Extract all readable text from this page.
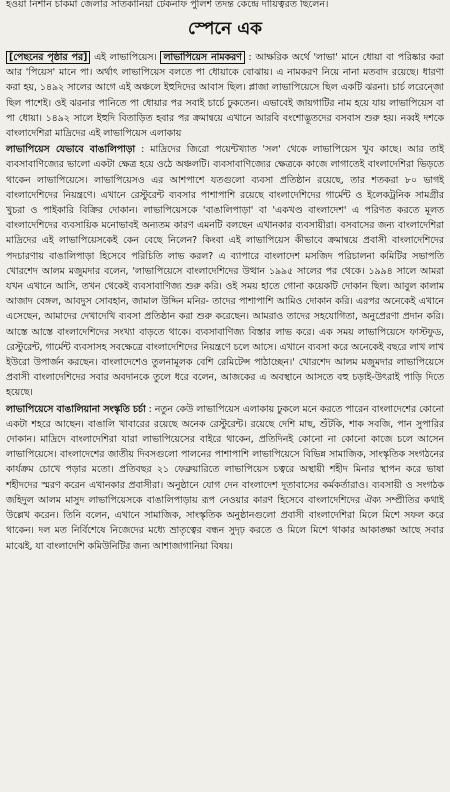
হওয়া নিশান চাকমা জেলার সাতকানিয়া টেকনাফ পুলিশ তদন্ত কেন্দ্রে দায়িত্বরত ছিলেন।
স্পেনে এক

[পেছনের পৃষ্ঠার পর] এই লাভাপিয়েস। লাভাপিয়েস নামকরণ : আক্ষরিক অর্থে 'লাভা' মানে ধোয়া বা পরিষ্কার করা আর 'পিয়েস' মানে পা। অর্থাৎ লাভাপিয়েস বলতে পা ধোয়াকে বোঝায়। এ নামকরণ নিয়ে নানা মতবাদ রয়েছে। ধারণা করা হয়, ১৪৯২ সালের আগে এই অঞ্চলে ইহুদিদের আবাস ছিল। প্লাজা লাভাপিয়েসে ছিল একটি ঝরনা। চার্চ লরেন্জো ছিল পাশেই। ওই ঝরনার পানিতে পা ধোয়ার পর সবাই চার্চে ঢুকতেন। এভাবেই জায়গাটির নাম হয়ে যায় লাভাপিয়েস বা পা ধোয়া। ১৪৯২ সালে ইহুদি বিতাড়িত হবার পর ক্রমান্বয়ে এখানে আরবি বংশোদ্ভূতদের বসবাস শুরু হয়। নব্বই দশকে বাংলাদেশিরা মাদ্রিদের এই লাভাপিয়েস এলাকায়

লাভাপিয়েস যেভাবে বাঙালিপাড়া : মাদ্রিদের জিরো পয়েন্টখ্যাত 'সল' থেকে লাভাপিয়েস খুব কাছে। আর তাই ব্যবসাবাণিজ্যের ভালো একটা ক্ষেত্র হয়ে ওঠে অঞ্চলটি। ব্যবসাবাণিজ্যের ক্ষেত্রকে কাজে লাগাতেই বাংলাদেশিরা ভিড়তে থাকেন লাভাপিয়েসে। লাভাপিয়েসও এর আশপাশে যতগুলো ব্যবসা প্রতিষ্ঠান রয়েছে, তার শতকরা ৮০ ভাগই বাংলাদেশিদের নিয়ন্ত্রণে। এখানে রেস্টুরেন্ট ব্যবসার পাশাপাশি রয়েছে বাংলাদেশিদের গার্মেন্ট ও ইলেকট্রনিক সামগ্রীর খুচরা ও পাইকারি বিক্রির দোকান। লাভাপিয়েসকে 'বাঙালিপাড়া' বা 'একখণ্ড বাংলাদেশ' এ পরিণত করতে মূলত বাংলাদেশিদের ব্যবসায়িক মনোভাবই অন্যতম কারণ এমনটি বলছেন এখানকার ব্যবসায়ীরা। বসবাসের জন্য বাংলাদেশিরা মাদ্রিদের এই লাভাপিয়েসকেই কেন বেছে নিলেন? কিংবা এই লাভাপিয়েস কীভাবে ক্রমান্বয়ে প্রবাসী বাংলাদেশিদের পদচারণায় বাঙালিপাড়া হিসেবে পরিচিতি লাভ করল? এ ব্যাপারে বাংলাদেশ মসজিদ পরিচালনা কমিটির সভাপতি খোরশেদ আলম মজুমদার বলেন, 'লাভাপিয়েসে বাংলাদেশিদের উত্থান ১৯৯৫ সালের পর থেকে। ১৯৯৪ সালে আমরা যখন এখানে আসি, তখন থেকেই ব্যবসাবাণিজ্য শুরু করি। ওই সময় হাতে গোনা কয়েকটি দোকান ছিল। আবুল কালাম আজাদ বেঙ্গল, আবদুস সোবহান, জামাল উদ্দিন মনির- তাদের পাশাপাশি আমিও দোকান করি। এরপর অনেকেই এখানে এসেছেন, আমাদের দেখাদেখি ব্যবসা প্রতিষ্ঠান করা শুরু করেছেন। আমরাও তাদের সহযোগিতা, অনুপ্রেরণা প্রদান করি। আস্তে আস্তে বাংলাদেশিদের সংখ্যা বাড়তে থাকে। ব্যবসাবাণিজ্য বিস্তার লাভ করে। এক সময় লাভাপিয়েসে ফাস্টফুড, রেস্টুরেন্ট, গার্মেন্ট ব্যবসাসহ সবক্ষেত্রে বাংলাদেশিদের নিয়ন্ত্রণে চলে আসে। এখানে ব্যবসা করে অনেকেই বছরে লাখ লাখ ইউরো উপার্জন করছেন। বাংলাদেশেও তুলনামূলক বেশি রেমিটেন্স পাঠাচ্ছেন।' খোরশেদ আলম মজুমদার লাভাপিয়েসে প্রবাসী বাংলাদেশিদের সবার অবদানকে তুলে ধরে বলেন, আজকের এ অবস্থানে আসতে বহু চড়াই-উৎরাই পাড়ি দিতে হয়েছে।

লাভাপিয়েসে বাঙালিয়ানা সংস্কৃতি চর্চা : নতুন কেউ লাভাপিয়েস এলাকায় ঢুকলে মনে করতে পারেন বাংলাদেশের কোনো একটা শহরে আছেন। বাঙালি খাবারের রয়েছে অনেক রেস্টুরেন্ট। রয়েছে দেশি মাছ, শুঁটকি, শাক সবজি, পান সুপারির দোকান। মাদ্রিদে বাংলাদেশিরা যারা লাভাপিয়েসের বাইরে থাকেন, প্রতিদিনই কোনো না কোনো কাজে চলে আসেন লাভাপিয়েসে। বাংলাদেশের জাতীয় দিবসগুলো পালনের পাশাপাশি লাভাপিয়েসে বিভিন্ন সামাজিক, সাংস্কৃতিক সংগঠনের কার্যক্রম চোখে পড়ার মতো। প্রতিবছর ২১ ফেব্রুয়ারিতে লাভাপিয়েস চত্বরে অস্থায়ী শহীদ মিনার স্থাপন করে ভাষা শহীদদের স্মরণ করেন এখানকার প্রবাসীরা। অনুষ্ঠানে যোগ দেন বাংলাদেশ দূতাবাসের কর্মকর্তারাও। ব্যবসায়ী ও সংগঠক জহিদুল আলম মাসুদ লাভাপিয়েসকে বাঙালিপাড়ায় রূপ নেওয়ার কারণ হিসেবে বাংলাদেশিদের ঐক্য সম্প্রীতির কথাই উল্লেখ করেন। তিনি বলেন, এখানে সামাজিক, সাংস্কৃতিক অনুষ্ঠানগুলো প্রবাসী বাংলাদেশিরা মিলে মিশে সফল করে থাকেন। দল মত নির্বিশেষে নিজেদের মধ্যে ভ্রাতৃত্বের বন্ধন সুদৃঢ় করতে ও মিলে মিশে থাকার আকাঙ্ক্ষা আছে সবার মাঝেই, যা বাংলাদেশি কমিউনিটির জন্য আশাজাগানিয়া বিষয়।
